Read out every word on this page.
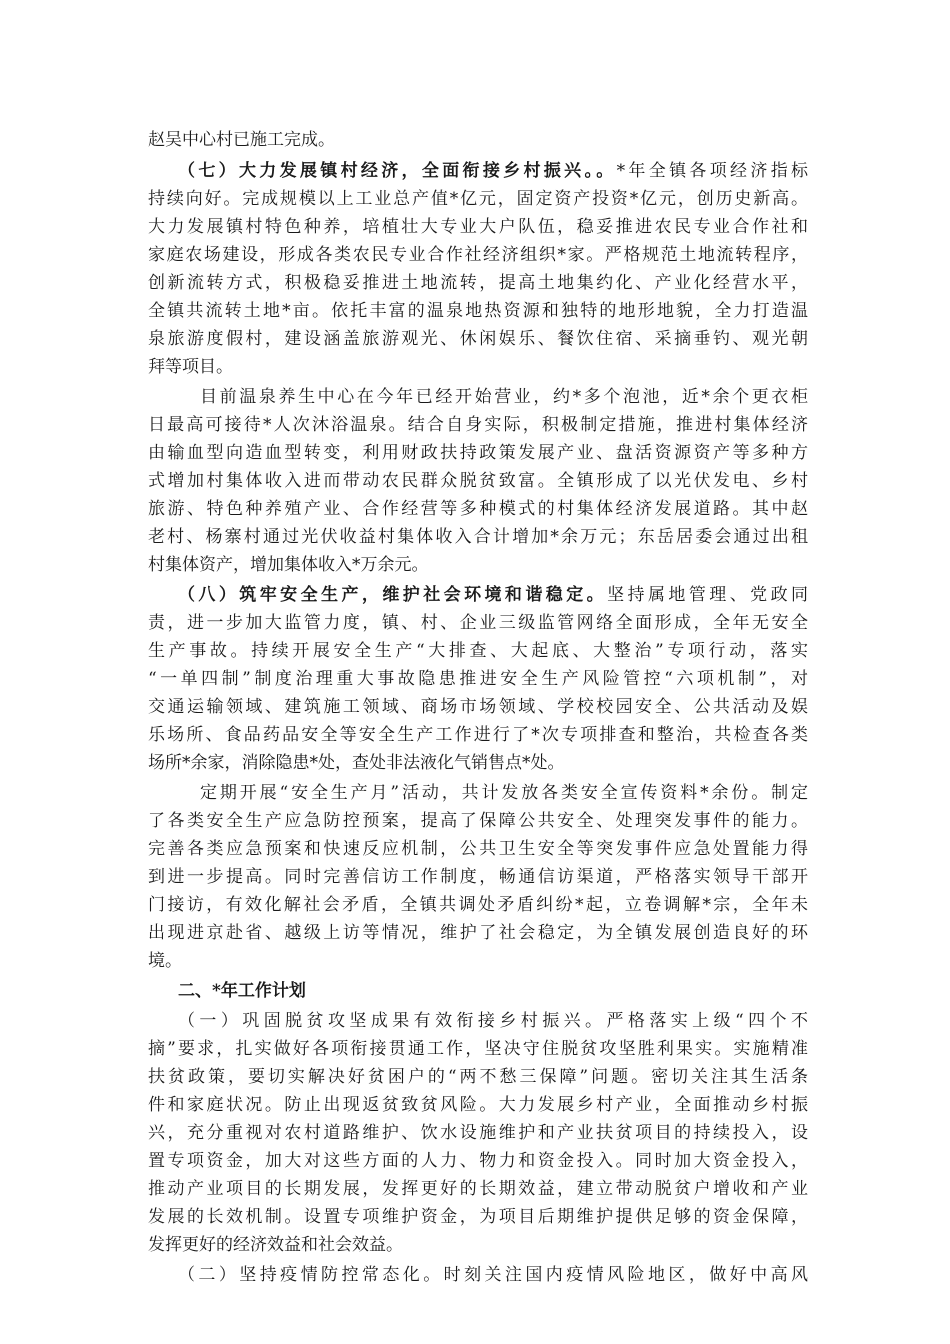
赵吴中心村已施工完成。
（七）大力发展镇村经济，全面衔接乡村振兴。。*年全镇各项经济指标
持续向好。完成规模以上工业总产值*亿元，固定资产投资*亿元，创历史新高。
大力发展镇村特色种养，培植壮大专业大户队伍，稳妥推进农民专业合作社和
家庭农场建设，形成各类农民专业合作社经济组织*家。严格规范土地流转程序，
创新流转方式，积极稳妥推进土地流转，提高土地集约化、产业化经营水平，
全镇共流转土地*亩。依托丰富的温泉地热资源和独特的地形地貌，全力打造温
泉旅游度假村，建设涵盖旅游观光、休闲娱乐、餐饮住宿、采摘垂钓、观光朝
拜等项目。
目前温泉养生中心在今年已经开始营业，约*多个泡池，近*余个更衣柜
日最高可接待*人次沐浴温泉。结合自身实际，积极制定措施，推进村集体经济
由输血型向造血型转变，利用财政扶持政策发展产业、盘活资源资产等多种方
式增加村集体收入进而带动农民群众脱贫致富。全镇形成了以光伏发电、乡村
旅游、特色种养殖产业、合作经营等多种模式的村集体经济发展道路。其中赵
老村、杨寨村通过光伏收益村集体收入合计增加*余万元；东岳居委会通过出租
村集体资产，增加集体收入*万余元。
（八）筑牢安全生产，维护社会环境和谐稳定。坚持属地管理、党政同
责，进一步加大监管力度，镇、村、企业三级监管网络全面形成，全年无安全
生产事故。持续开展安全生产“大排查、大起底、大整治”专项行动，落实
“一单四制”制度治理重大事故隐患推进安全生产风险管控“六项机制”，对
交通运输领域、建筑施工领域、商场市场领域、学校校园安全、公共活动及娱
乐场所、食品药品安全等安全生产工作进行了*次专项排查和整治，共检查各类
场所*余家，消除隐患*处，查处非法液化气销售点*处。
定期开展“安全生产月”活动，共计发放各类安全宣传资料*余份。制定
了各类安全生产应急防控预案，提高了保障公共安全、处理突发事件的能力。
完善各类应急预案和快速反应机制，公共卫生安全等突发事件应急处置能力得
到进一步提高。同时完善信访工作制度，畅通信访渠道，严格落实领导干部开
门接访，有效化解社会矛盾，全镇共调处矛盾纠纷*起，立卷调解*宗，全年未
出现进京赴省、越级上访等情况，维护了社会稳定，为全镇发展创造良好的环
境。
二、*年工作计划
（一）巩固脱贫攻坚成果有效衔接乡村振兴。严格落实上级“四个不
摘”要求，扎实做好各项衔接贯通工作，坚决守住脱贫攻坚胜利果实。实施精准
扶贫政策，要切实解决好贫困户的“两不愁三保障”问题。密切关注其生活条
件和家庭状况。防止出现返贫致贫风险。大力发展乡村产业，全面推动乡村振
兴，充分重视对农村道路维护、饮水设施维护和产业扶贫项目的持续投入，设
置专项资金，加大对这些方面的人力、物力和资金投入。同时加大资金投入，
推动产业项目的长期发展，发挥更好的长期效益，建立带动脱贫户增收和产业
发展的长效机制。设置专项维护资金，为项目后期维护提供足够的资金保障，
发挥更好的经济效益和社会效益。
（二）坚持疫情防控常态化。时刻关注国内疫情风险地区，做好中高风
